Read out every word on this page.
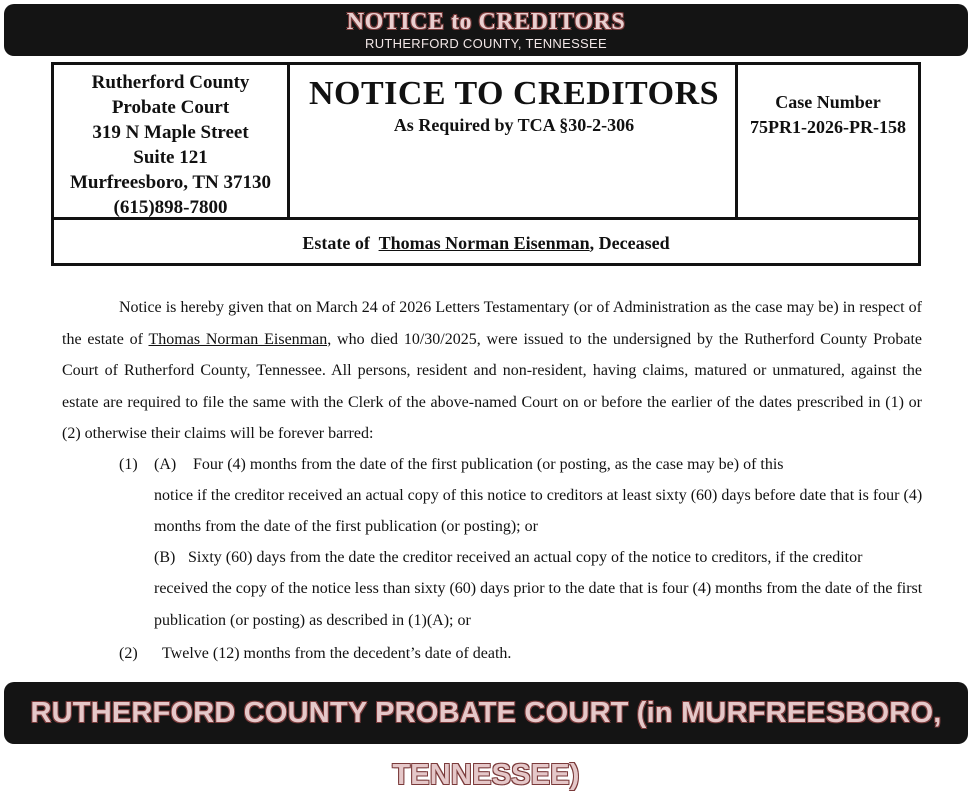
NOTICE to CREDITORS
RUTHERFORD COUNTY, TENNESSEE
Rutherford County
Probate Court
319 N Maple Street
Suite 121
Murfreesboro, TN 37130
(615)898-7800
NOTICE TO CREDITORS
As Required by TCA §30-2-306
Case Number
75PR1-2026-PR-158
Estate of Thomas Norman Eisenman, Deceased

Notice is hereby given that on March 24 of 2026 Letters Testamentary (or of Administration as the case may be) in respect of the estate of Thomas Norman Eisenman, who died 10/30/2025, were issued to the undersigned by the Rutherford County Probate Court of Rutherford County, Tennessee. All persons, resident and non-resident, having claims, matured or unmatured, against the estate are required to file the same with the Clerk of the above-named Court on or before the earlier of the dates prescribed in (1) or (2) otherwise their claims will be forever barred:

(1) (A) Four (4) months from the date of the first publication (or posting, as the case may be) of this
notice if the creditor received an actual copy of this notice to creditors at least sixty (60) days before date that is four (4)
months from the date of the first publication (or posting); or
(B) Sixty (60) days from the date the creditor received an actual copy of the notice to creditors, if the creditor
received the copy of the notice less than sixty (60) days prior to the date that is four (4) months from the date of the first
publication (or posting) as described in (1)(A); or
(2) Twelve (12) months from the decedent’s date of death.
RUTHERFORD COUNTY PROBATE COURT (in MURFREESBORO, TENNESSEE)
